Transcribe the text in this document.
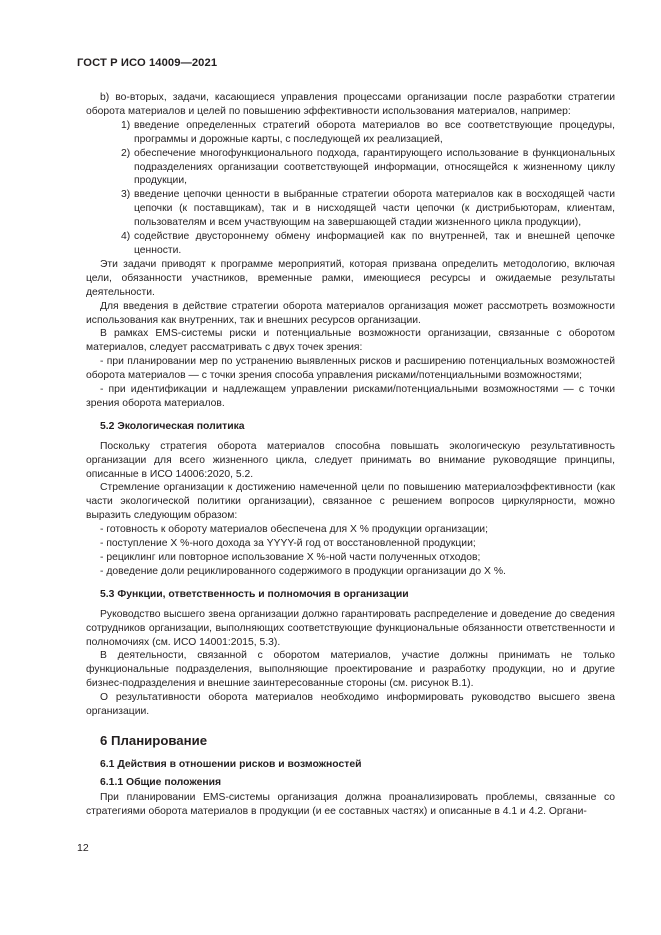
ГОСТ Р ИСО 14009—2021

b) во-вторых, задачи, касающиеся управления процессами организации после разработки стратегии оборота материалов и целей по повышению эффективности использования материалов, например:

1) введение определенных стратегий оборота материалов во все соответствующие процедуры, программы и дорожные карты, с последующей их реализацией,
2) обеспечение многофункционального подхода, гарантирующего использование в функциональных подразделениях организации соответствующей информации, относящейся к жизненному циклу продукции,
3) введение цепочки ценности в выбранные стратегии оборота материалов как в восходящей части цепочки (к поставщикам), так и в нисходящей части цепочки (к дистрибьюторам, клиентам, пользователям и всем участвующим на завершающей стадии жизненного цикла продукции),
4) содействие двустороннему обмену информацией как по внутренней, так и внешней цепочке ценности.

Эти задачи приводят к программе мероприятий, которая призвана определить методологию, включая цели, обязанности участников, временные рамки, имеющиеся ресурсы и ожидаемые результаты деятельности.

Для введения в действие стратегии оборота материалов организация может рассмотреть возможности использования как внутренних, так и внешних ресурсов организации.

В рамках EMS-системы риски и потенциальные возможности организации, связанные с оборотом материалов, следует рассматривать с двух точек зрения:

- при планировании мер по устранению выявленных рисков и расширению потенциальных возможностей оборота материалов — с точки зрения способа управления рисками/потенциальными возможностями;

- при идентификации и надлежащем управлении рисками/потенциальными возможностями — с точки зрения оборота материалов.

5.2 Экологическая политика

Поскольку стратегия оборота материалов способна повышать экологическую результативность организации для всего жизненного цикла, следует принимать во внимание руководящие принципы, описанные в ИСО 14006:2020, 5.2.

Стремление организации к достижению намеченной цели по повышению материалоэффективности (как части экологической политики организации), связанное с решением вопросов циркулярности, можно выразить следующим образом:

- готовность к обороту материалов обеспечена для X % продукции организации;

- поступление X %-ного дохода за YYYY-й год от восстановленной продукции;

- рециклинг или повторное использование X %-ной части полученных отходов;

- доведение доли рециклированного содержимого в продукции организации до X %.

5.3 Функции, ответственность и полномочия в организации

Руководство высшего звена организации должно гарантировать распределение и доведение до сведения сотрудников организации, выполняющих соответствующие функциональные обязанности ответственности и полномочиях (см. ИСО 14001:2015, 5.3).

В деятельности, связанной с оборотом материалов, участие должны принимать не только функциональные подразделения, выполняющие проектирование и разработку продукции, но и другие бизнес-подразделения и внешние заинтересованные стороны (см. рисунок B.1).

О результативности оборота материалов необходимо информировать руководство высшего звена организации.

6 Планирование
6.1 Действия в отношении рисков и возможностей
6.1.1 Общие положения

При планировании EMS-системы организация должна проанализировать проблемы, связанные со стратегиями оборота материалов в продукции (и ее составных частях) и описанные в 4.1 и 4.2. Органи-

12
